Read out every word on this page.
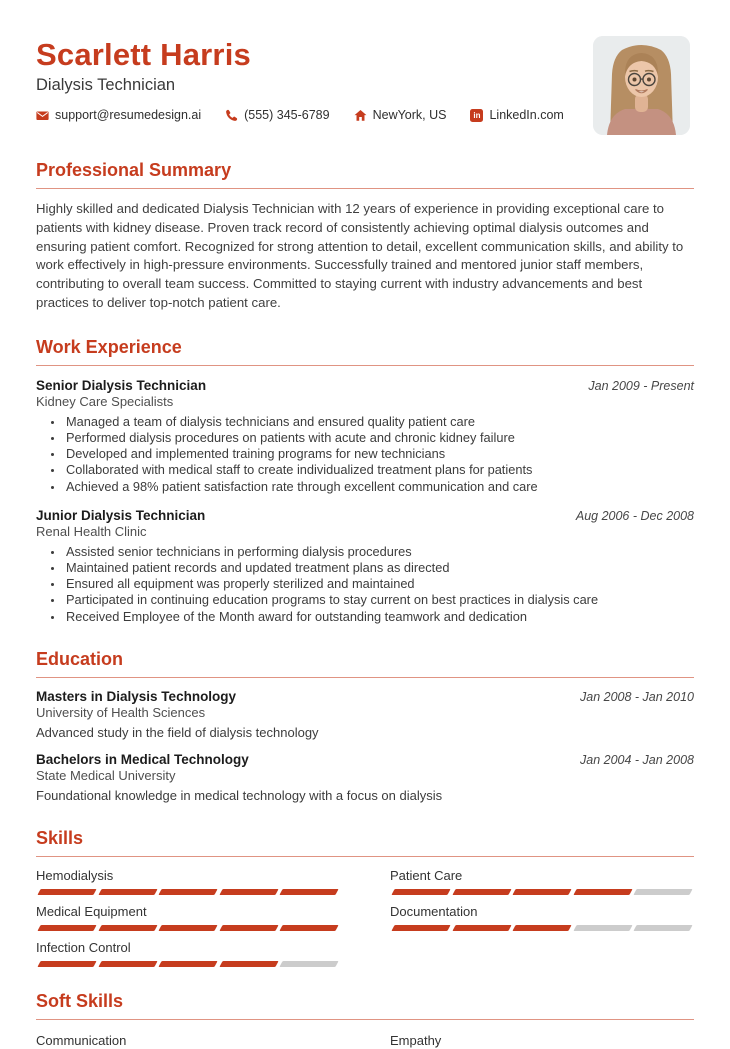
Scarlett Harris
Dialysis Technician
support@resumedesign.ai	(555) 345-6789	NewYork, US	in LinkedIn.com
Professional Summary

Highly skilled and dedicated Dialysis Technician with 12 years of experience in providing exceptional care to patients with kidney disease. Proven track record of consistently achieving optimal dialysis outcomes and ensuring patient comfort. Recognized for strong attention to detail, excellent communication skills, and ability to work effectively in high-pressure environments. Successfully trained and mentored junior staff members, contributing to overall team success. Committed to staying current with industry advancements and best practices to deliver top-notch patient care.

Work Experience
Senior Dialysis Technician
Kidney Care Specialists
Jan 2009 - Present
• Managed a team of dialysis technicians and ensured quality patient care
• Performed dialysis procedures on patients with acute and chronic kidney failure
• Developed and implemented training programs for new technicians
• Collaborated with medical staff to create individualized treatment plans for patients
• Achieved a 98% patient satisfaction rate through excellent communication and care
Junior Dialysis Technician
Renal Health Clinic
Aug 2006 - Dec 2008
• Assisted senior technicians in performing dialysis procedures
• Maintained patient records and updated treatment plans as directed
• Ensured all equipment was properly sterilized and maintained
• Participated in continuing education programs to stay current on best practices in dialysis care
• Received Employee of the Month award for outstanding teamwork and dedication
Education
Masters in Dialysis Technology
University of Health Sciences
Jan 2008 - Jan 2010
Advanced study in the field of dialysis technology
Bachelors in Medical Technology
State Medical University
Jan 2004 - Jan 2008
Foundational knowledge in medical technology with a focus on dialysis
Skills
Hemodialysis	Patient Care
Medical Equipment	Documentation
Infection Control
Soft Skills
Communication	Empathy
